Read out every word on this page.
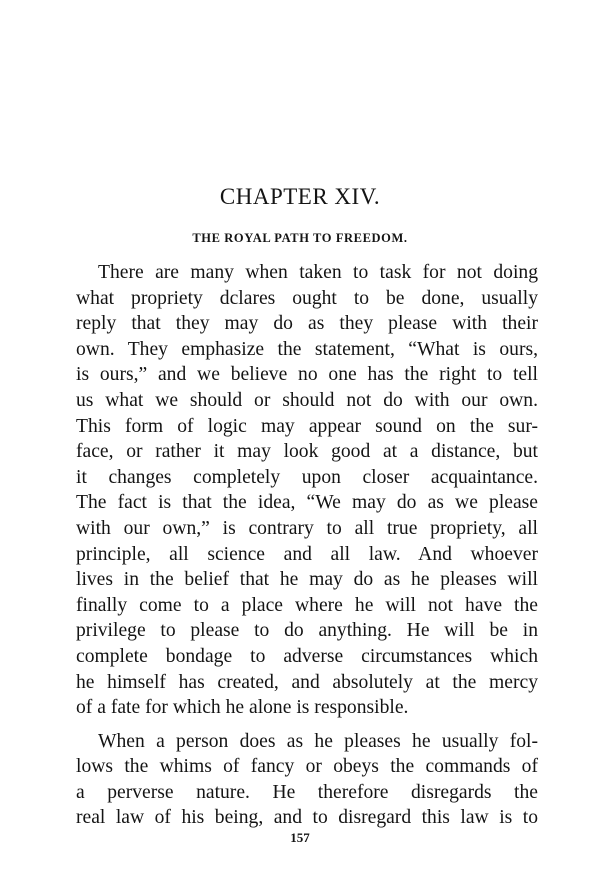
CHAPTER XIV.
THE ROYAL PATH TO FREEDOM.

There are many when taken to task for not doing
what propriety dclares ought to be done, usually
reply that they may do as they please with their
own. They emphasize the statement, “What is ours,
is ours,” and we believe no one has the right to tell
us what we should or should not do with our own.
This form of logic may appear sound on the sur-
face, or rather it may look good at a distance, but
it changes completely upon closer acquaintance.
The fact is that the idea, “We may do as we please
with our own,” is contrary to all true propriety, all
principle, all science and all law. And whoever
lives in the belief that he may do as he pleases will
finally come to a place where he will not have the
privilege to please to do anything. He will be in
complete bondage to adverse circumstances which
he himself has created, and absolutely at the mercy
of a fate for which he alone is responsible.

When a person does as he pleases he usually fol-
lows the whims of fancy or obeys the commands of
a perverse nature. He therefore disregards the
real law of his being, and to disregard this law is to

157
